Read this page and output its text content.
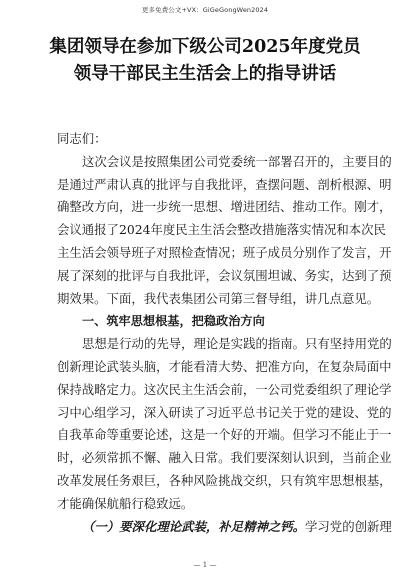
更多免费公文+VX：GiGeGongWen2024
集团领导在参加下级公司2025年度党员
领导干部民主生活会上的指导讲话

同志们：

这次会议是按照集团公司党委统一部署召开的，主要目的
是通过严肃认真的批评与自我批评，查摆问题、剖析根源、明
确整改方向，进一步统一思想、增进团结、推动工作。刚才，
会议通报了2024年度民主生活会整改措施落实情况和本次民
主生活会领导班子对照检查情况；班子成员分别作了发言，开
展了深刻的批评与自我批评，会议氛围坦诚、务实，达到了预
期效果。下面，我代表集团公司第三督导组，讲几点意见。

一、筑牢思想根基，把稳政治方向

思想是行动的先导，理论是实践的指南。只有坚持用党的
创新理论武装头脑，才能看清大势、把准方向，在复杂局面中
保持战略定力。这次民主生活会前，一公司党委组织了理论学
习中心组学习，深入研读了习近平总书记关于党的建设、党的
自我革命等重要论述，这是一个好的开端。但学习不能止于一
时，必须常抓不懈、融入日常。我们要深刻认识到，当前企业
改革发展任务艰巨，各种风险挑战交织，只有筑牢思想根基，
才能确保航船行稳致远。

（一）要深化理论武装，补足精神之钙。学习党的创新理

— 1 —
